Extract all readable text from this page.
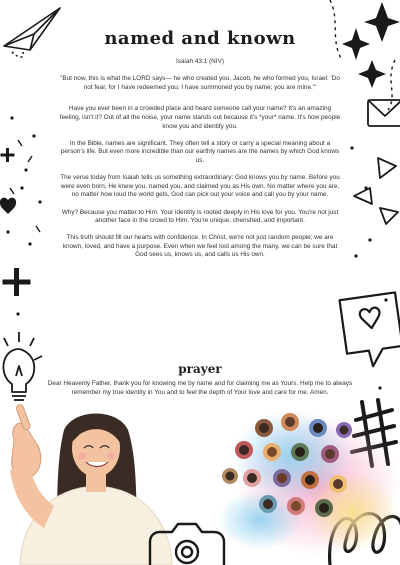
named and known

Isaiah 43:1 (NIV)

"But now, this is what the LORD says— he who created you, Jacob, he who formed you, Israel: 'Do not fear, for I have redeemed you; I have summoned you by name; you are mine.'"

Have you ever been in a crowded place and heard someone call your name? It's an amazing feeling, isn't it? Out of all the noise, your name stands out because it's *your* name. It's how people know you and identify you.

In the Bible, names are significant. They often tell a story or carry a special meaning about a person's life. But even more incredible than our earthly names are the names by which God knows us.

The verse today from Isaiah tells us something extraordinary: God knows you by name. Before you were even born, He knew you, named you, and claimed you as His own. No matter where you are, no matter how loud the world gets, God can pick out your voice and call you by your name.

Why? Because you matter to Him. Your identity is rooted deeply in His love for you. You're not just another face in the crowd to Him. You're unique, cherished, and important.

This truth should fill our hearts with confidence. In Christ, we're not just random people; we are known, loved, and have a purpose. Even when we feel lost among the many, we can be sure that God sees us, knows us, and calls us His own.

prayer
Dear Heavenly Father, thank you for knowing me by name and for claiming me as Yours. Help me to always remember my true identity in You and to feel the depth of Your love and care for me. Amen.
